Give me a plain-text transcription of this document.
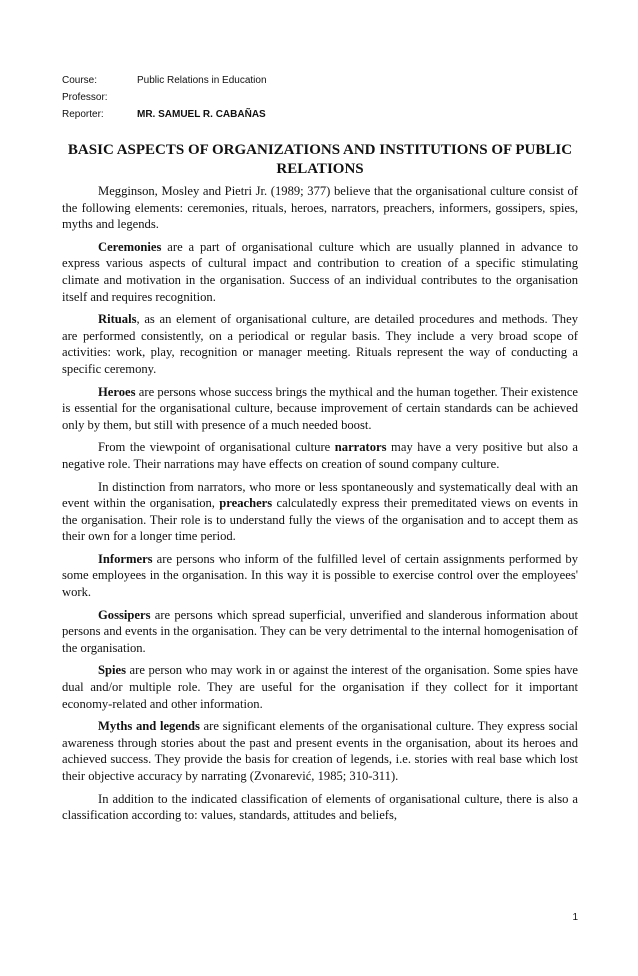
Course:	Public Relations in Education
Professor:
Reporter:	MR. SAMUEL R. CABAÑAS
BASIC ASPECTS OF ORGANIZATIONS AND INSTITUTIONS OF PUBLIC RELATIONS

Megginson, Mosley and Pietri Jr. (1989; 377) believe that the organisational culture consist of the following elements: ceremonies, rituals, heroes, narrators, preachers, informers, gossipers, spies, myths and legends.

Ceremonies are a part of organisational culture which are usually planned in advance to express various aspects of cultural impact and contribution to creation of a specific stimulating climate and motivation in the organisation. Success of an individual contributes to the organisation itself and requires recognition.

Rituals, as an element of organisational culture, are detailed procedures and methods. They are performed consistently, on a periodical or regular basis. They include a very broad scope of activities: work, play, recognition or manager meeting. Rituals represent the way of conducting a specific ceremony.

Heroes are persons whose success brings the mythical and the human together. Their existence is essential for the organisational culture, because improvement of certain standards can be achieved only by them, but still with presence of a much needed boost.

From the viewpoint of organisational culture narrators may have a very positive but also a negative role. Their narrations may have effects on creation of sound company culture.

In distinction from narrators, who more or less spontaneously and systematically deal with an event within the organisation, preachers calculatedly express their premeditated views on events in the organisation. Their role is to understand fully the views of the organisation and to accept them as their own for a longer time period.

Informers are persons who inform of the fulfilled level of certain assignments performed by some employees in the organisation. In this way it is possible to exercise control over the employees' work.

Gossipers are persons which spread superficial, unverified and slanderous information about persons and events in the organisation. They can be very detrimental to the internal homogenisation of the organisation.

Spies are person who may work in or against the interest of the organisation. Some spies have dual and/or multiple role. They are useful for the organisation if they collect for it important economy-related and other information.

Myths and legends are significant elements of the organisational culture. They express social awareness through stories about the past and present events in the organisation, about its heroes and achieved success. They provide the basis for creation of legends, i.e. stories with real base which lost their objective accuracy by narrating (Zvonarević, 1985; 310-311).

In addition to the indicated classification of elements of organisational culture, there is also a classification according to: values, standards, attitudes and beliefs,

1
